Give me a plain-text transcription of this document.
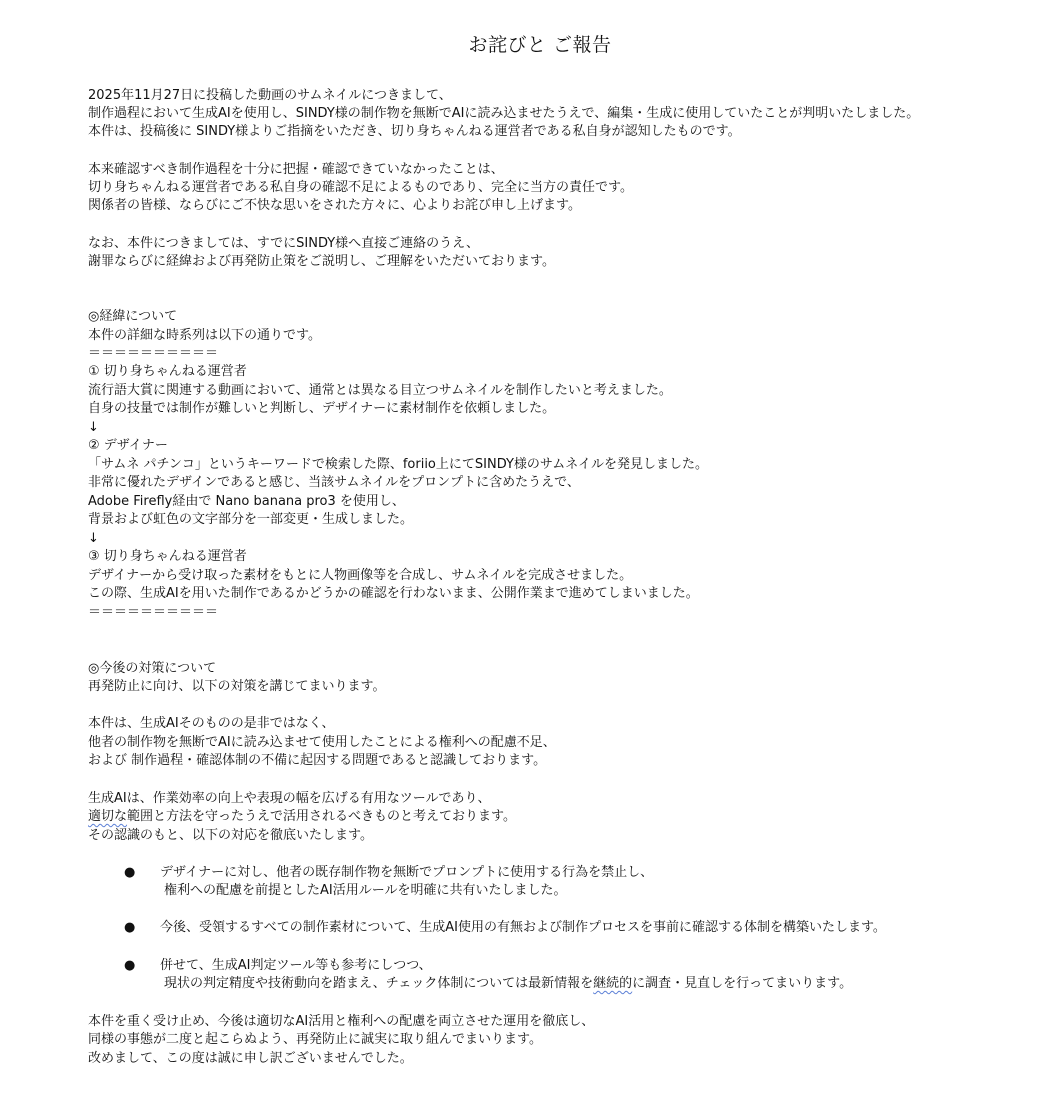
お詫びと ご報告
2025年11月27日に投稿した動画のサムネイルにつきまして、
制作過程において生成AIを使用し、SINDY様の制作物を無断でAIに読み込ませたうえで、編集・生成に使用していたことが判明いたしました。
本件は、投稿後に SINDY様よりご指摘をいただき、切り身ちゃんねる運営者である私自身が認知したものです。
本来確認すべき制作過程を十分に把握・確認できていなかったことは、
切り身ちゃんねる運営者である私自身の確認不足によるものであり、完全に当方の責任です。
関係者の皆様、ならびにご不快な思いをされた方々に、心よりお詫び申し上げます。
なお、本件につきましては、すでにSINDY様へ直接ご連絡のうえ、
謝罪ならびに経緯および再発防止策をご説明し、ご理解をいただいております。
◎経緯について
本件の詳細な時系列は以下の通りです。
＝＝＝＝＝＝＝＝＝＝
① 切り身ちゃんねる運営者
流行語大賞に関連する動画において、通常とは異なる目立つサムネイルを制作したいと考えました。
自身の技量では制作が難しいと判断し、デザイナーに素材制作を依頼しました。
↓
② デザイナー
「サムネ パチンコ」というキーワードで検索した際、foriio上にてSINDY様のサムネイルを発見しました。
非常に優れたデザインであると感じ、当該サムネイルをプロンプトに含めたうえで、
Adobe Firefly経由で Nano banana pro3 を使用し、
背景および虹色の文字部分を一部変更・生成しました。
↓
③ 切り身ちゃんねる運営者
デザイナーから受け取った素材をもとに人物画像等を合成し、サムネイルを完成させました。
この際、生成AIを用いた制作であるかどうかの確認を行わないまま、公開作業まで進めてしまいました。
＝＝＝＝＝＝＝＝＝＝
◎今後の対策について
再発防止に向け、以下の対策を講じてまいります。
本件は、生成AIそのものの是非ではなく、
他者の制作物を無断でAIに読み込ませて使用したことによる権利への配慮不足、
および 制作過程・確認体制の不備に起因する問題であると認識しております。
生成AIは、作業効率の向上や表現の幅を広げる有用なツールであり、
適切な範囲と方法を守ったうえで活用されるべきものと考えております。
その認識のもと、以下の対応を徹底いたします。
● デザイナーに対し、他者の既存制作物を無断でプロンプトに使用する行為を禁止し、
権利への配慮を前提としたAI活用ルールを明確に共有いたしました。
● 今後、受領するすべての制作素材について、生成AI使用の有無および制作プロセスを事前に確認する体制を構築いたします。
● 併せて、生成AI判定ツール等も参考にしつつ、
現状の判定精度や技術動向を踏まえ、チェック体制については最新情報を継続的に調査・見直しを行ってまいります。
本件を重く受け止め、今後は適切なAI活用と権利への配慮を両立させた運用を徹底し、
同様の事態が二度と起こらぬよう、再発防止に誠実に取り組んでまいります。
改めまして、この度は誠に申し訳ございませんでした。
